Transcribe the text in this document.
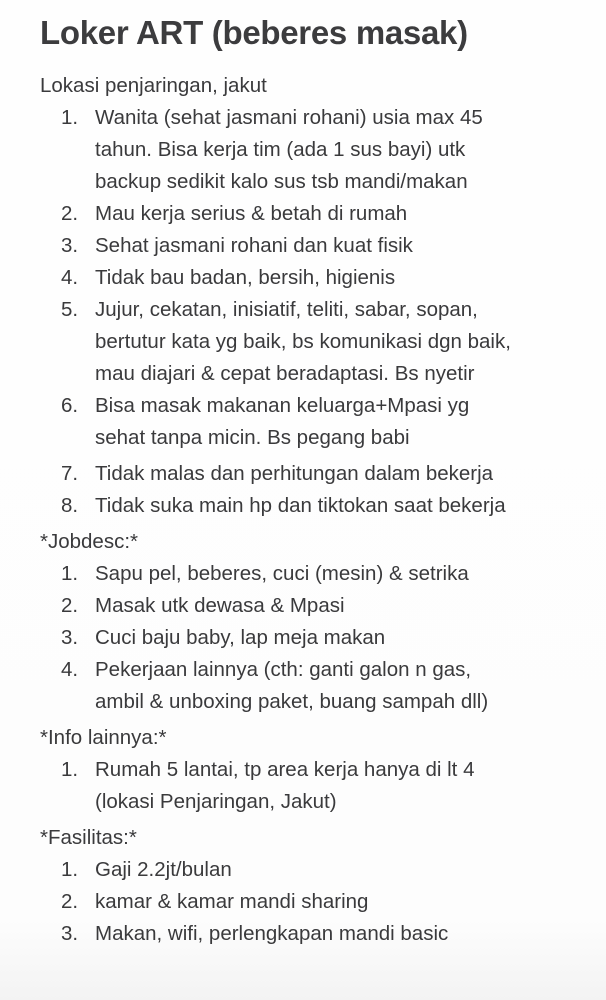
Loker ART (beberes masak)
Lokasi penjaringan, jakut
1. Wanita (sehat jasmani rohani) usia max 45
tahun. Bisa kerja tim (ada 1 sus bayi) utk
backup sedikit kalo sus tsb mandi/makan
2. Mau kerja serius & betah di rumah
3. Sehat jasmani rohani dan kuat fisik
4. Tidak bau badan, bersih, higienis
5. Jujur, cekatan, inisiatif, teliti, sabar, sopan,
bertutur kata yg baik, bs komunikasi dgn baik,
mau diajari & cepat beradaptasi. Bs nyetir
6. Bisa masak makanan keluarga+Mpasi yg
sehat tanpa micin. Bs pegang babi
7. Tidak malas dan perhitungan dalam bekerja
8. Tidak suka main hp dan tiktokan saat bekerja
*Jobdesc:*
1. Sapu pel, beberes, cuci (mesin) & setrika
2. Masak utk dewasa & Mpasi
3. Cuci baju baby, lap meja makan
4. Pekerjaan lainnya (cth: ganti galon n gas,
ambil & unboxing paket, buang sampah dll)
*Info lainnya:*
1. Rumah 5 lantai, tp area kerja hanya di lt 4
(lokasi Penjaringan, Jakut)
*Fasilitas:*
1. Gaji 2.2jt/bulan
2. kamar & kamar mandi sharing
3. Makan, wifi, perlengkapan mandi basic
